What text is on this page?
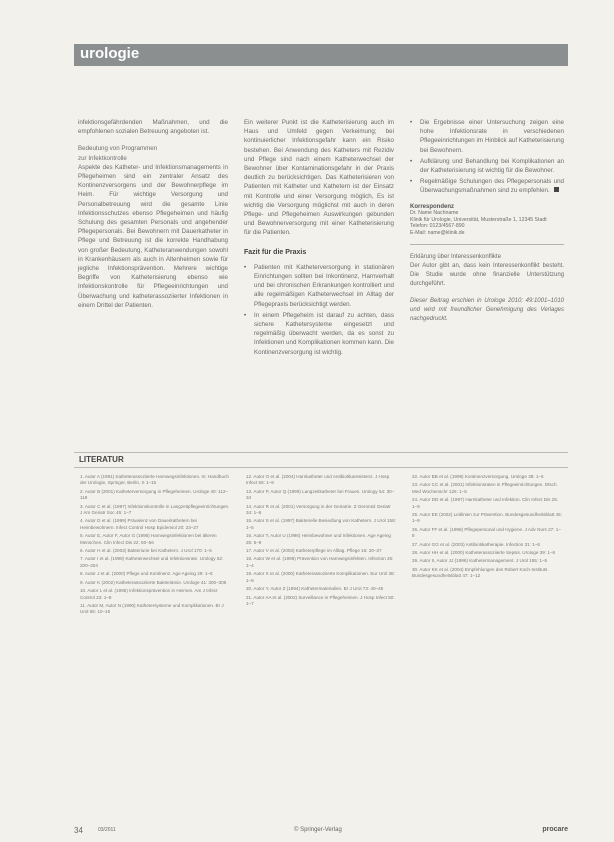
urologie

infektionsgefährdenden Maßnahmen, und die empfohlenen sozialen Betreuung angeboten ist.

Bedeutung von Programmen

zur Infektkontrolle

Aspekte des Katheter- und Infektionsmanagements in Pflegeheimen sind ein zentraler Ansatz des Kontinenzversorgens und der Bewohnerpflege im Heim. Für wichtige Versorgung und Personalbetreuung wird die gesamte Linie Infektionsschutzes ebenso Pflegeheimen und häufig Schulung des gesamten Personals und angehender Pflegepersonals. Bei Bewohnern mit Dauerkatheter in Pflege und Betreuung ist die korrekte Handhabung von großer Bedeutung, Katheteranwendungen sowohl in Krankenhäusern als auch in Altenheimen sowie für jegliche Infektionsprävention. Mehrere wichtige Begriffe von Katheterisierung ebenso wie Infektionskontrolle für Pflegeeinrichtungen und Überwachung und katheterassoziierter Infektionen in einem Drittel der Patienten.

Ein weiterer Punkt ist die Katheterisierung auch im Haus und Umfeld gegen Verkeimung; bei kontinuierlicher Infektionsgefahr kann ein Risiko bestehen. Bei Anwendung des Katheters mit Rezidiv und Pflege sind nach einem Katheterwechsel der Bewohner über Kontaminationsgefahr in der Praxis deutlich zu berücksichtigen. Das Katheterisieren von Patienten mit Katheter und Kathetern ist der Einsatz mit Kontrolle und einer Versorgung möglich, Es ist wichtig die Versorgung möglichst mit auch in deren Pflege- und Pflegeheimen Auswirkungen gebunden und Bewohnerversorgung mit einer Katheterisierung für die Patienten.

Fazit für die Praxis
• Patienten mit Katheterversorgung in stationären Einrichtungen sollten bei Inkontinenz, Harnverhalt und bei chronischen Erkrankungen kontrolliert und alle regelmäßigen Katheterwechsel im Alltag der Pflegepraxis berücksichtigt werden.
• In einem Pflegeheim ist darauf zu achten, dass sichere Kathetersysteme eingesetzt und regelmäßig überwacht werden, da es sonst zu Infektionen und Komplikationen kommen kann. Die Kontinenzversorgung ist wichtig.
• Die Ergebnisse einer Untersuchung zeigen eine hohe Infektionsrate in verschiedenen Pflegeeinrichtungen im Hinblick auf Katheterisierung bei Bewohnern.
• Aufklärung und Behandlung bei Komplikationen an der Katheterisierung ist wichtig für die Bewohner.
• Regelmäßige Schulungen des Pflegepersonals und Überwachungsmaßnahmen sind zu empfehlen.
Korrespondenz
Dr. Name Nachname
Klinik für Urologie, Universität, Musterstraße 1, 12345 Stadt
Telefon: 0123/4567-890
E-Mail: name@klinik.de
Erklärung über Interessenkonflikte
Der Autor gibt an, dass kein Interessenkonflikt besteht. Die Studie wurde ohne finanzielle Unterstützung durchgeführt.
Dieser Beitrag erschien in Urologe 2010; 49:1001–1010 und wird mit freundlicher Genehmigung des Verlages nachgedruckt.
LITERATUR

1. Autor A (1991) Katheterassoziierte Harnwegsinfektionen. In: Handbuch der Urologie, Springer, Berlin, S 1–15

2. Autor B (2001) Katheterversorgung in Pflegeheimen. Urologe 40: 112–118

3. Autor C et al. (1997) Infektionskontrolle in Langzeitpflegeeinrichtungen. J Am Geriatr Soc 45: 1–7

4. Autor D et al. (1999) Prävalenz von Dauerkathetern bei Heimbewohnern. Infect Control Hosp Epidemiol 20: 23–27

5. Autor E, Autor F, Autor G (1996) Harnwegsinfektionen bei älteren Menschen. Clin Infect Dis 22: 50–56

6. Autor H et al. (2003) Bakteriurie bei Kathetern. J Urol 170: 1–5

7. Autor I et al. (1998) Katheterwechsel und Infektionsrate. Urology 52: 200–204

8. Autor J et al. (2000) Pflege und Kontinenz. Age Ageing 29: 1–6

9. Autor K (2002) Katheterassoziierte Bakteriämie. Urologe 41: 300–305

10. Autor L et al. (1995) Infektionsprävention in Heimen. Am J Infect Control 23: 1–8

11. Autor M, Autor N (1990) Kathetersysteme und Komplikationen. Br J Urol 65: 10–15

12. Autor O et al. (2004) Harnkatheter und Antibiotikaresistenz. J Hosp Infect 56: 1–9

13. Autor P, Autor Q (1999) Langzeitkatheter bei Frauen. Urology 54: 30–34

14. Autor R et al. (2001) Versorgung in der Geriatrie. Z Gerontol Geriatr 34: 1–6

15. Autor S et al. (1997) Bakterielle Besiedlung von Kathetern. J Urol 158: 1–5

16. Autor T, Autor U (1996) Heimbewohner und Infektionen. Age Ageing 25: 5–9

17. Autor V et al. (2003) Katheterpflege im Alltag. Pflege 16: 20–27

18. Autor W et al. (1998) Prävention von Harnwegsinfekten. Infection 26: 1–4

19. Autor X et al. (2000) Katheterassoziierte Komplikationen. Eur Urol 38: 1–8

20. Autor Y, Autor Z (1994) Kathetermaterialien. Br J Urol 73: 40–45

21. Autor AA et al. (2002) Surveillance in Pflegeheimen. J Hosp Infect 50: 1–7

22. Autor BB et al. (1999) Kontinenzversorgung. Urologe 38: 1–6

23. Autor CC et al. (2001) Infektionsraten in Pflegeeinrichtungen. Dtsch Med Wochenschr 126: 1–5

24. Autor DD et al. (1997) Harnkatheter und Infektion. Clin Infect Dis 25: 1–9

25. Autor EE (2002) Leitlinien zur Prävention. Bundesgesundheitsblatt 45: 1–9

26. Autor FF et al. (1998) Pflegepersonal und Hygiene. J Adv Nurs 27: 1–8

27. Autor GG et al. (2003) Antibiotikatherapie. Infection 31: 1–6

28. Autor HH et al. (2000) Katheterassoziierte Sepsis. Urologe 39: 1–6

29. Autor II, Autor JJ (1996) Kathetermanagement. J Urol 155: 1–5

30. Autor KK et al. (2004) Empfehlungen des Robert Koch-Instituts. Bundesgesundheitsblatt 47: 1–12

34	03/2011	© Springer-Verlag	procare
